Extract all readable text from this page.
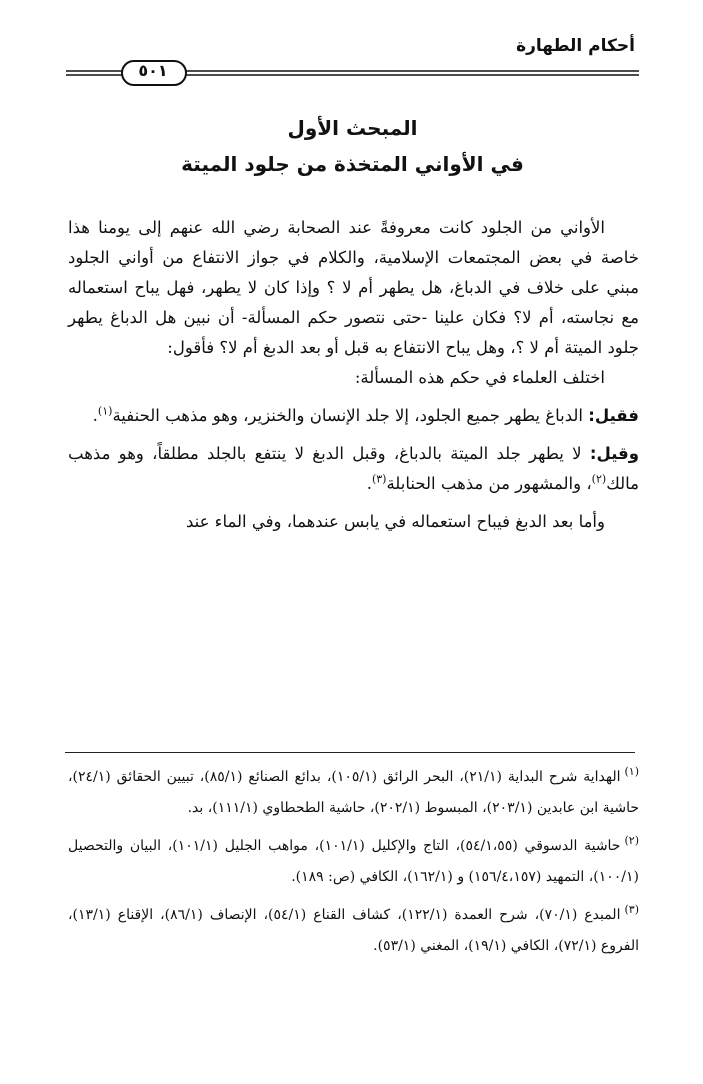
أحكام الطهارة
٥٠١
المبحث الأول
في الأواني المتخذة من جلود الميتة

الأواني من الجلود كانت معروفةً عند الصحابة رضي الله عنهم إلى يومنا هذا خاصة في بعض المجتمعات الإسلامية، والكلام في جواز الانتفاع من أواني الجلود مبني على خلاف في الدباغ، هل يطهر أم لا ؟ وإذا كان لا يطهر، فهل يباح استعماله مع نجاسته، أم لا؟ فكان علينا -حتى نتصور حكم المسألة- أن نبين هل الدباغ يطهر جلود الميتة أم لا ؟، وهل يباح الانتفاع به قبل أو بعد الدبغ أم لا؟ فأقول:

اختلف العلماء في حكم هذه المسألة:

فقيل: الدباغ يطهر جميع الجلود، إلا جلد الإنسان والخنزير، وهو مذهب الحنفية$^{(١)}$.

وقيل: لا يطهر جلد الميتة بالدباغ، وقبل الدبغ لا ينتفع بالجلد مطلقاً، وهو مذهب مالك$^{(٢)}$، والمشهور من مذهب الحنابلة$^{(٣)}$.

وأما بعد الدبغ فيباح استعماله في يابس عندهما، وفي الماء عند

$^{(١)}$الهداية شرح البداية (٢١/١)، البحر الرائق (١٠٥/١)، بدائع الصنائع (٨٥/١)، تبيين الحقائق (٢٤/١)، حاشية ابن عابدين (٢٠٣/١)، المبسوط (٢٠٢/١)، حاشية الطحطاوي (١١١/١)، بد.

$^{(٢)}$حاشية الدسوقي (٥٤/١،٥٥)، التاج والإكليل (١٠١/١)، مواهب الجليل (١٠١/١)، البيان والتحصيل (١٠٠/١)، التمهيد (١٥٦/٤،١٥٧) و (١٦٢/١)، الكافي (ص: ١٨٩).

$^{(٣)}$المبدع (٧٠/١)، شرح العمدة (١٢٢/١)، كشاف القناع (٥٤/١)، الإنصاف (٨٦/١)، الإقناع (١٣/١)، الفروع (٧٢/١)، الكافي (١٩/١)، المغني (٥٣/١).
